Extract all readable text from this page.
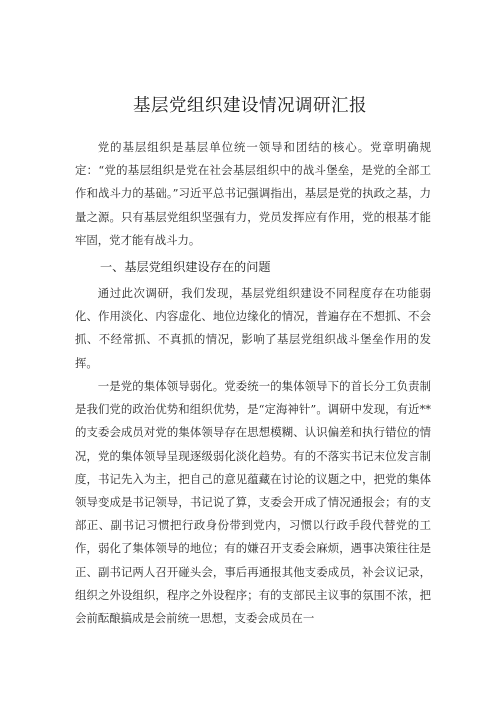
基层党组织建设情况调研汇报

党的基层组织是基层单位统一领导和团结的核心。党章明确规定：“党的基层组织是党在社会基层组织中的战斗堡垒，是党的全部工作和战斗力的基础。”习近平总书记强调指出，基层是党的执政之基，力量之源。只有基层党组织坚强有力，党员发挥应有作用，党的根基才能牢固，党才能有战斗力。

一、基层党组织建设存在的问题

通过此次调研，我们发现，基层党组织建设不同程度存在功能弱化、作用淡化、内容虚化、地位边缘化的情况，普遍存在不想抓、不会抓、不经常抓、不真抓的情况，影响了基层党组织战斗堡垒作用的发挥。

一是党的集体领导弱化。党委统一的集体领导下的首长分工负责制是我们党的政治优势和组织优势，是“定海神针”。调研中发现，有近**的支委会成员对党的集体领导存在思想模糊、认识偏差和执行错位的情况，党的集体领导呈现逐级弱化淡化趋势。有的不落实书记末位发言制度，书记先入为主，把自己的意见蕴藏在讨论的议题之中，把党的集体领导变成是书记领导，书记说了算，支委会开成了情况通报会；有的支部正、副书记习惯把行政身份带到党内，习惯以行政手段代替党的工作，弱化了集体领导的地位；有的嫌召开支委会麻烦，遇事决策往往是正、副书记两人召开碰头会，事后再通报其他支委成员，补会议记录，组织之外设组织，程序之外设程序；有的支部民主议事的氛围不浓，把会前酝酿搞成是会前统一思想，支委会成员在一
